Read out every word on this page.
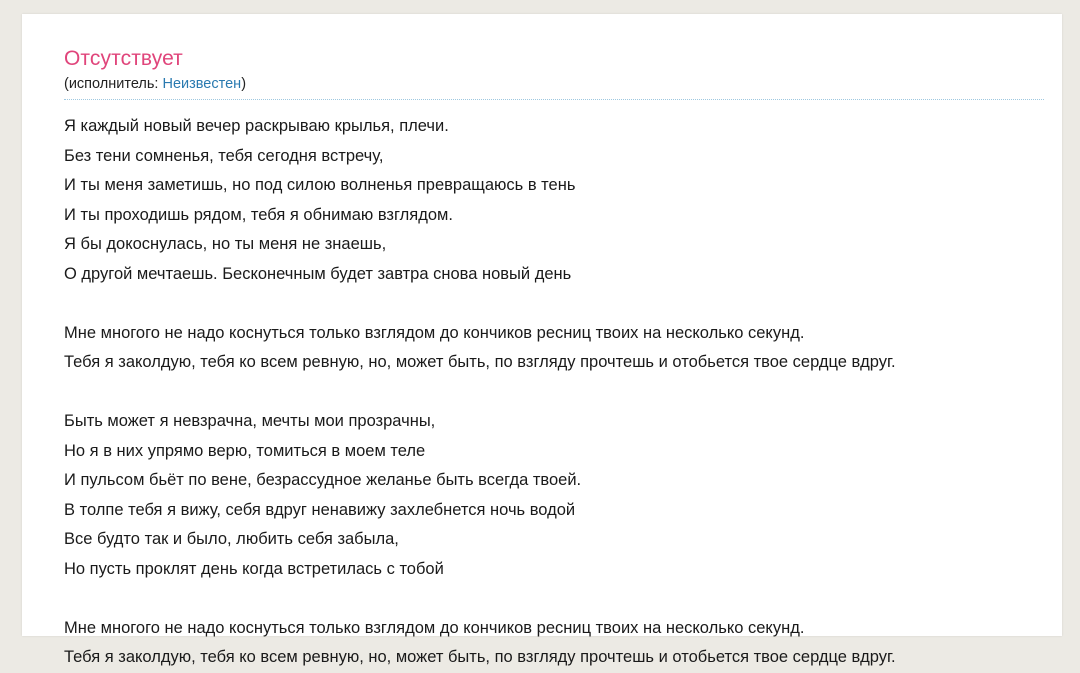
Отсутствует
(исполнитель: Неизвестен)
Я каждый новый вечер раскрываю крылья, плечи.
Без тени сомненья, тебя сегодня встречу,
И ты меня заметишь, но под силою волненья превращаюсь в тень
И ты проходишь рядом, тебя я обнимаю взглядом.
Я бы докоснулась, но ты меня не знаешь,
О другой мечтаешь. Бесконечным будет завтра снова новый день
Мне многого не надо коснуться только взглядом до кончиков ресниц твоих на несколько секунд.
Тебя я заколдую, тебя ко всем ревную, но, может быть, по взгляду прочтешь и отобьется твое сердце вдруг.
Быть может я невзрачна, мечты мои прозрачны,
Но я в них упрямо верю, томиться в моем теле
И пульсом бьёт по вене, безрассудное желанье быть всегда твоей.
В толпе тебя я вижу, себя вдруг ненавижу захлебнется ночь водой
Все будто так и было, любить себя забыла,
Но пусть проклят день когда встретилась с тобой
Мне многого не надо коснуться только взглядом до кончиков ресниц твоих на несколько секунд.
Тебя я заколдую, тебя ко всем ревную, но, может быть, по взгляду прочтешь и отобьется твое сердце вдруг.
